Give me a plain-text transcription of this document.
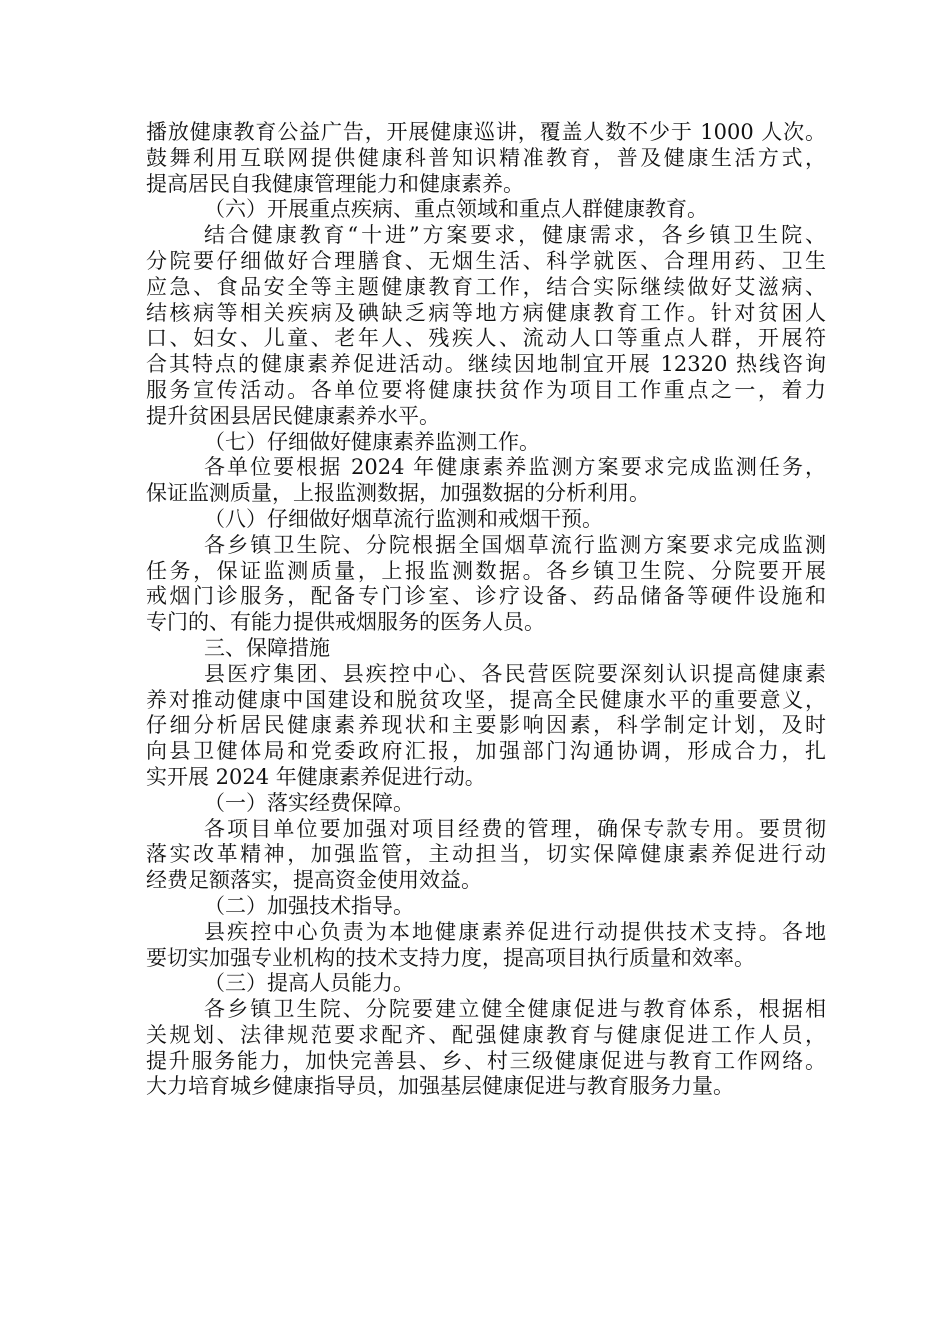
播放健康教育公益广告，开展健康巡讲，覆盖人数不少于 1000 人次。
鼓舞利用互联网提供健康科普知识精准教育，普及健康生活方式，
提高居民自我健康管理能力和健康素养。
（六）开展重点疾病、重点领域和重点人群健康教育。
结合健康教育“十进”方案要求，健康需求，各乡镇卫生院、
分院要仔细做好合理膳食、无烟生活、科学就医、合理用药、卫生
应急、食品安全等主题健康教育工作，结合实际继续做好艾滋病、
结核病等相关疾病及碘缺乏病等地方病健康教育工作。针对贫困人
口、妇女、儿童、老年人、残疾人、流动人口等重点人群，开展符
合其特点的健康素养促进活动。继续因地制宜开展 12320 热线咨询
服务宣传活动。各单位要将健康扶贫作为项目工作重点之一，着力
提升贫困县居民健康素养水平。
（七）仔细做好健康素养监测工作。
各单位要根据 2024 年健康素养监测方案要求完成监测任务，
保证监测质量，上报监测数据，加强数据的分析利用。
（八）仔细做好烟草流行监测和戒烟干预。
各乡镇卫生院、分院根据全国烟草流行监测方案要求完成监测
任务，保证监测质量，上报监测数据。各乡镇卫生院、分院要开展
戒烟门诊服务，配备专门诊室、诊疗设备、药品储备等硬件设施和
专门的、有能力提供戒烟服务的医务人员。
三、保障措施
县医疗集团、县疾控中心、各民营医院要深刻认识提高健康素
养对推动健康中国建设和脱贫攻坚，提高全民健康水平的重要意义，
仔细分析居民健康素养现状和主要影响因素，科学制定计划，及时
向县卫健体局和党委政府汇报，加强部门沟通协调，形成合力，扎
实开展 2024 年健康素养促进行动。
（一）落实经费保障。
各项目单位要加强对项目经费的管理，确保专款专用。要贯彻
落实改革精神，加强监管，主动担当，切实保障健康素养促进行动
经费足额落实，提高资金使用效益。
（二）加强技术指导。
县疾控中心负责为本地健康素养促进行动提供技术支持。各地
要切实加强专业机构的技术支持力度，提高项目执行质量和效率。
（三）提高人员能力。
各乡镇卫生院、分院要建立健全健康促进与教育体系，根据相
关规划、法律规范要求配齐、配强健康教育与健康促进工作人员，
提升服务能力，加快完善县、乡、村三级健康促进与教育工作网络。
大力培育城乡健康指导员，加强基层健康促进与教育服务力量。
